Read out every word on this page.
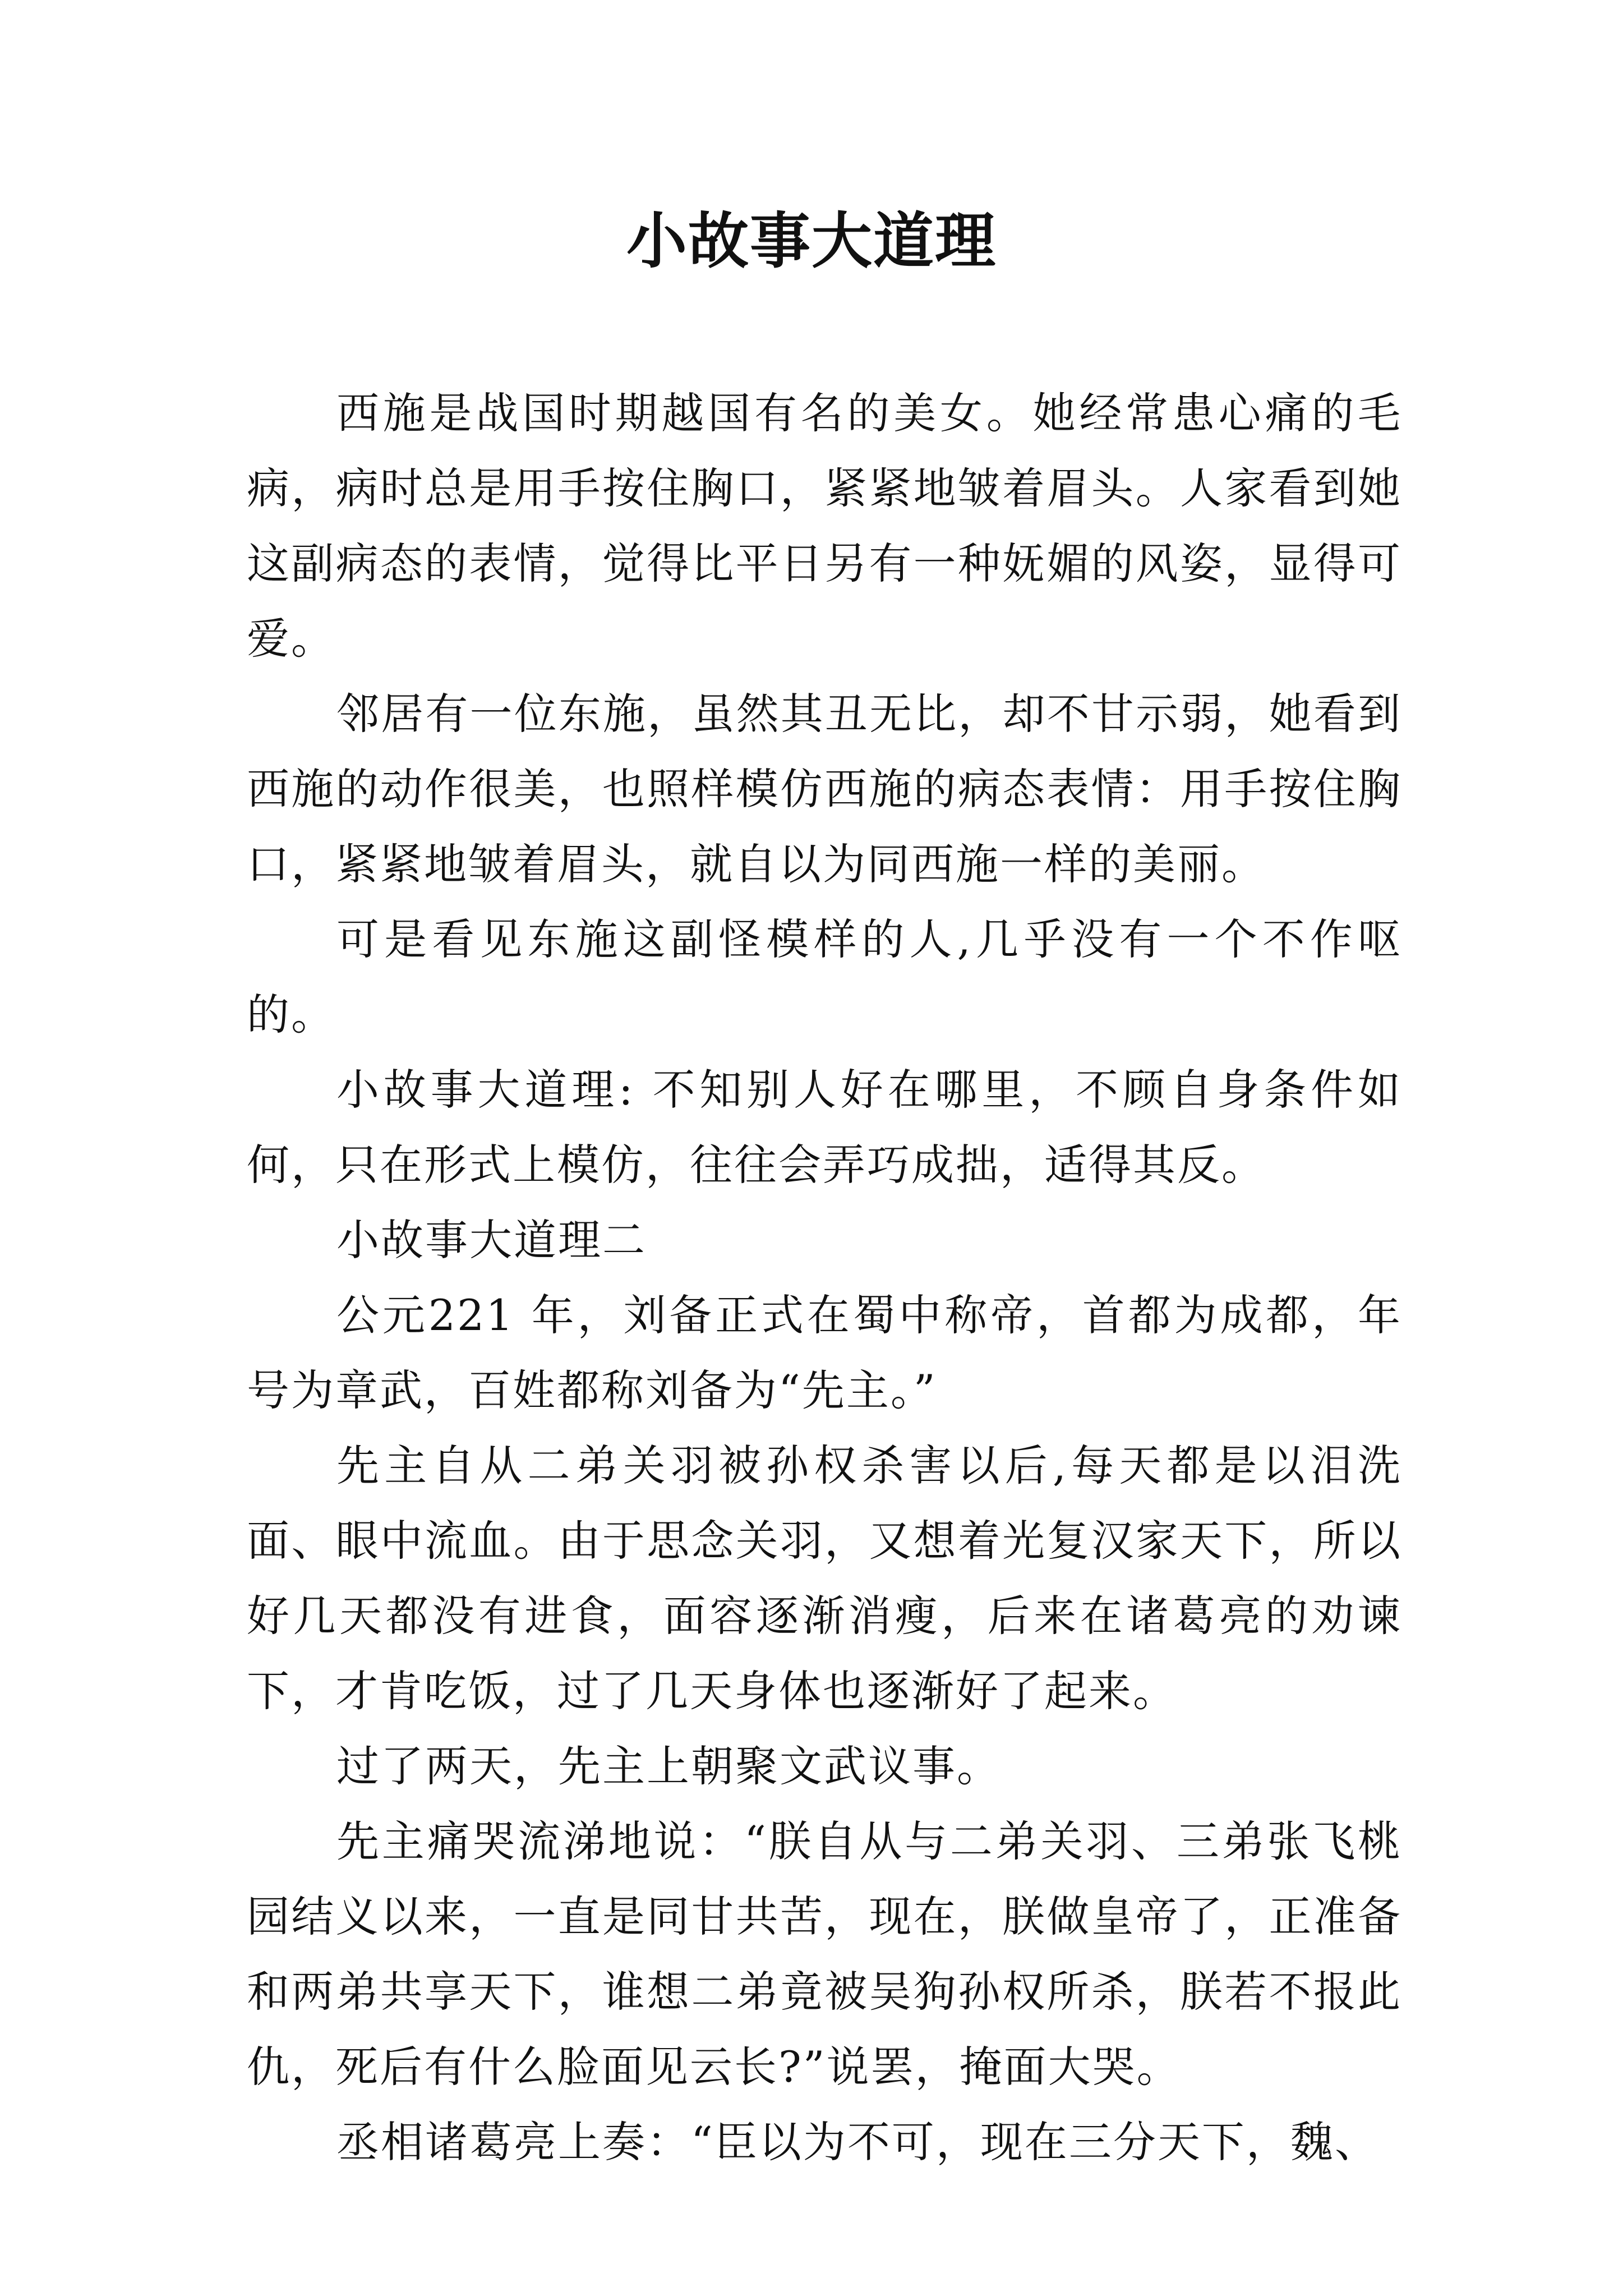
小故事大道理

西施是战国时期越国有名的美女。她经常患心痛的毛病，病时总是用手按住胸口，紧紧地皱着眉头。人家看到她这副病态的表情，觉得比平日另有一种妩媚的风姿，显得可爱。

邻居有一位东施，虽然其丑无比，却不甘示弱，她看到西施的动作很美，也照样模仿西施的病态表情：用手按住胸口，紧紧地皱着眉头，就自以为同西施一样的美丽。

可是看见东施这副怪模样的人,几乎没有一个不作呕的。

小故事大道理: 不知别人好在哪里，不顾自身条件如何，只在形式上模仿，往往会弄巧成拙，适得其反。

小故事大道理二

公元221 年，刘备正式在蜀中称帝，首都为成都，年号为章武，百姓都称刘备为“先主。”

先主自从二弟关羽被孙权杀害以后,每天都是以泪洗面、眼中流血。由于思念关羽，又想着光复汉家天下，所以好几天都没有进食，面容逐渐消瘦，后来在诸葛亮的劝谏下，才肯吃饭，过了几天身体也逐渐好了起来。

过了两天，先主上朝聚文武议事。

先主痛哭流涕地说：“朕自从与二弟关羽、三弟张飞桃园结义以来，一直是同甘共苦，现在，朕做皇帝了，正准备和两弟共享天下，谁想二弟竟被吴狗孙权所杀，朕若不报此仇，死后有什么脸面见云长?”说罢，掩面大哭。

丞相诸葛亮上奏：“臣以为不可，现在三分天下，魏、
